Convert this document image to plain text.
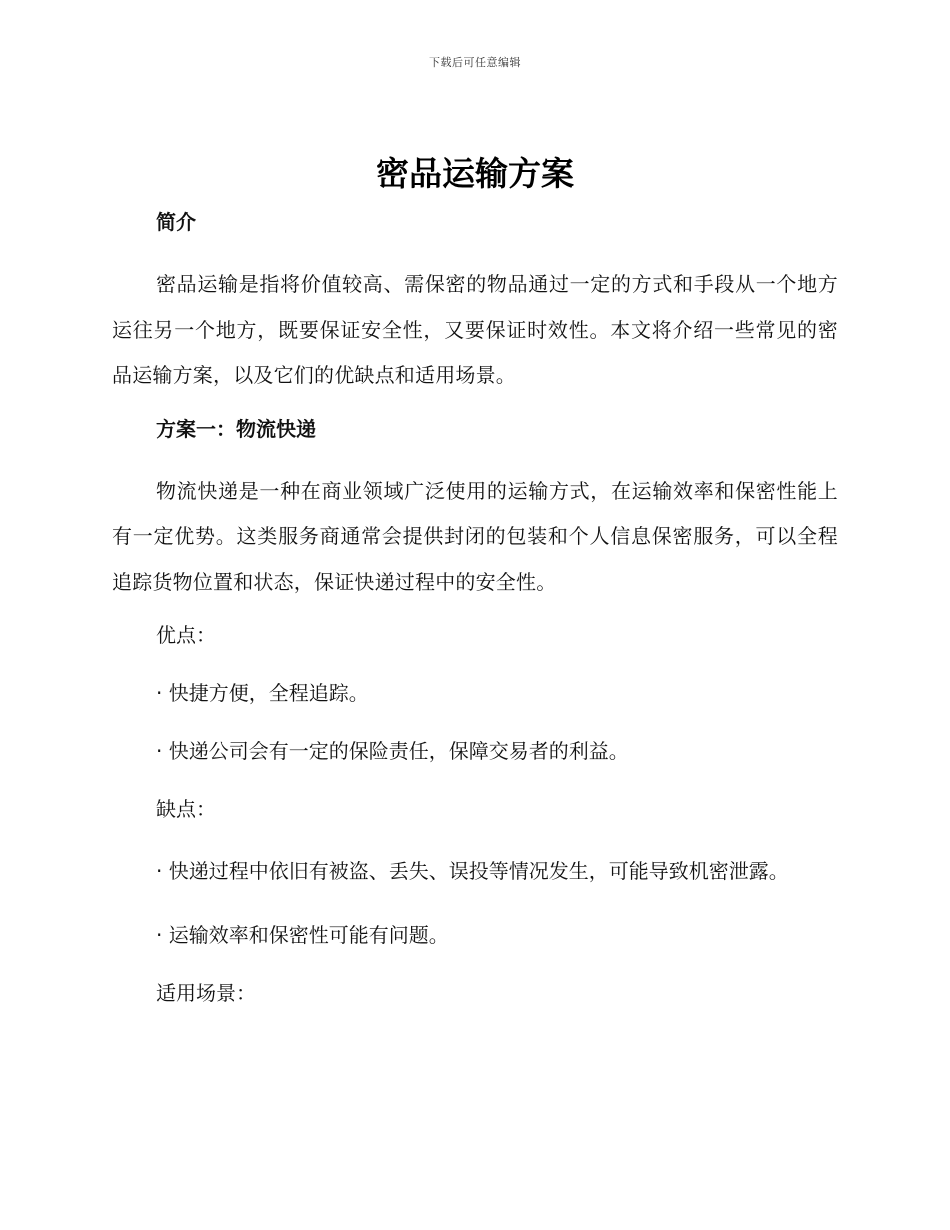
下载后可任意编辑
密品运输方案
简介

密品运输是指将价值较高、需保密的物品通过一定的方式和手段从一个地方运往另一个地方，既要保证安全性，又要保证时效性。本文将介绍一些常见的密品运输方案，以及它们的优缺点和适用场景。

方案一：物流快递

物流快递是一种在商业领域广泛使用的运输方式，在运输效率和保密性能上有一定优势。这类服务商通常会提供封闭的包装和个人信息保密服务，可以全程追踪货物位置和状态，保证快递过程中的安全性。

优点：
· 快捷方便，全程追踪。
· 快递公司会有一定的保险责任，保障交易者的利益。
缺点：
· 快递过程中依旧有被盗、丢失、误投等情况发生，可能导致机密泄露。
· 运输效率和保密性可能有问题。
适用场景：
